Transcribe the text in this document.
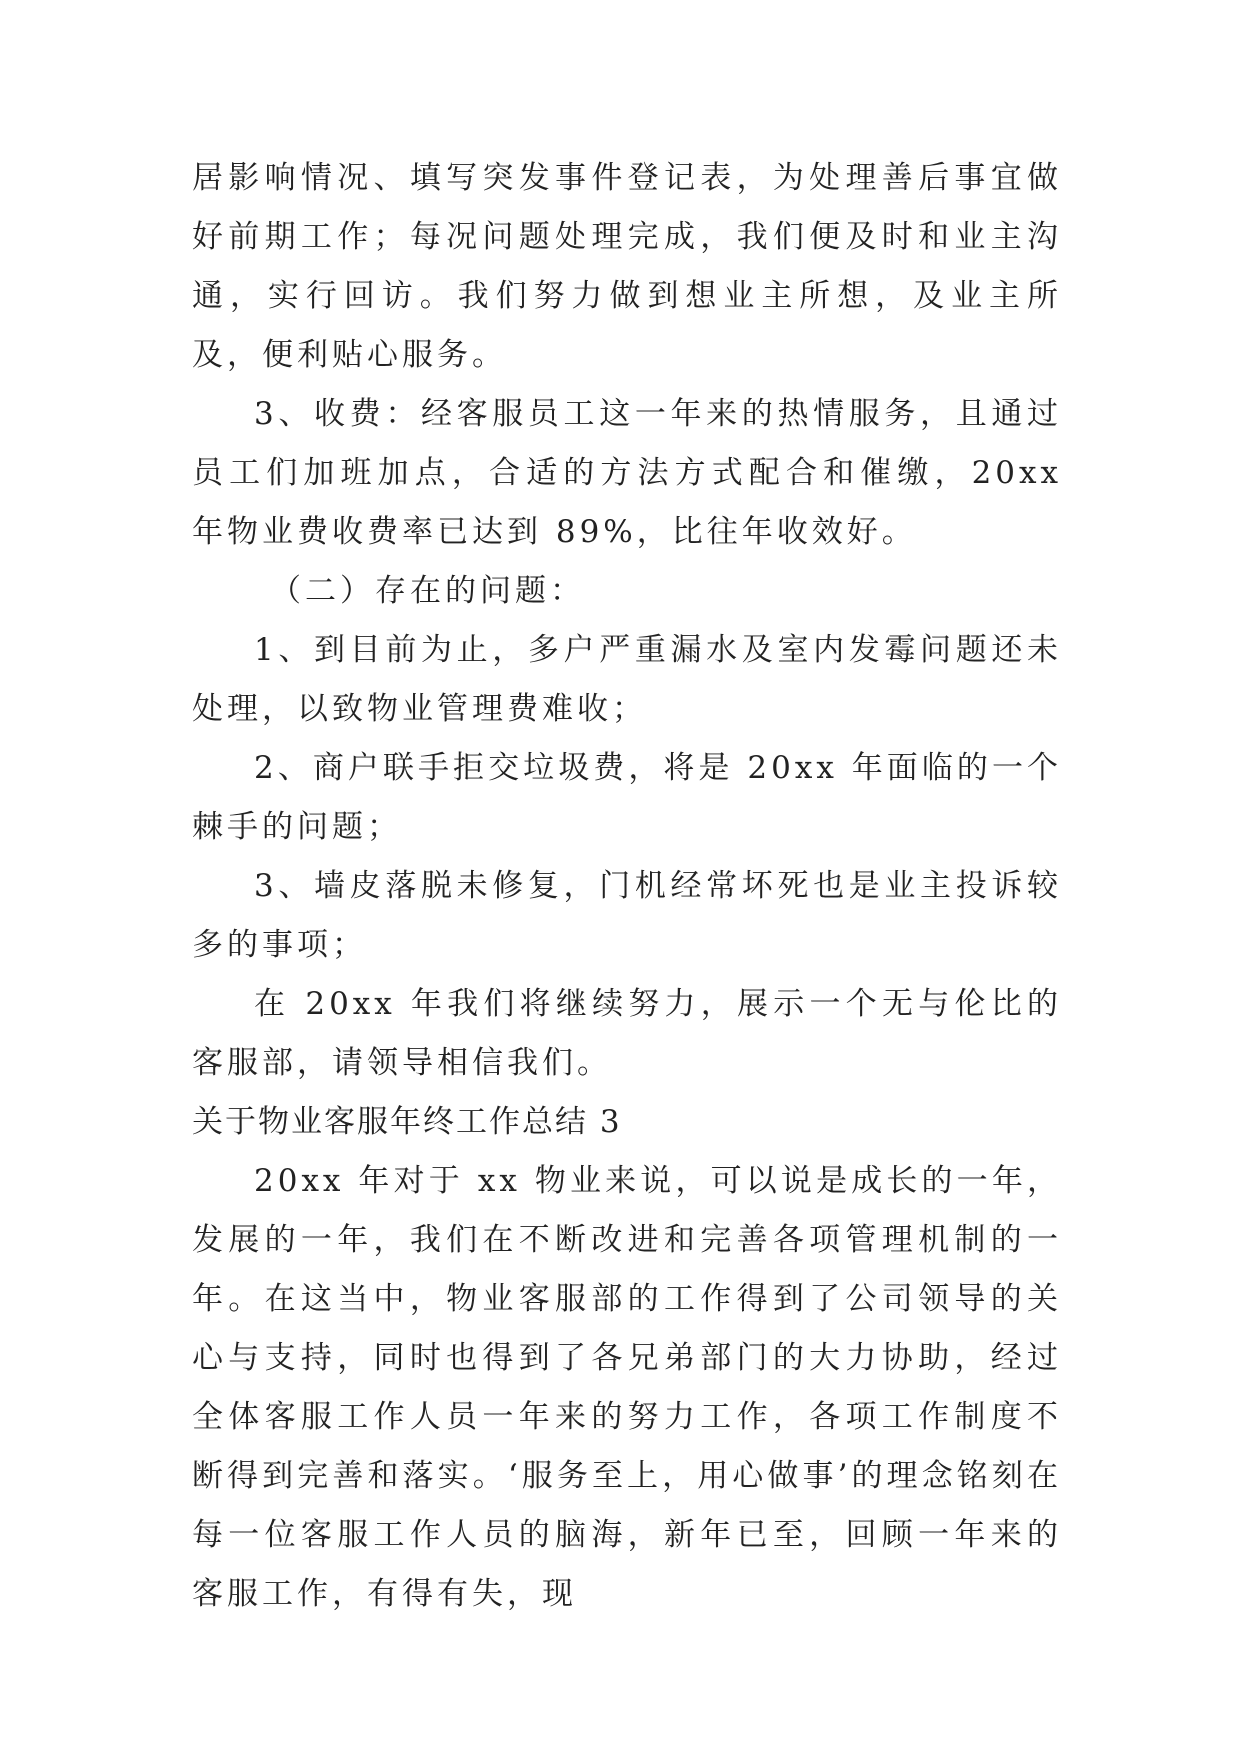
居影响情况、填写突发事件登记表，为处理善后事宜做好前期工作；每况问题处理完成，我们便及时和业主沟通，实行回访。我们努力做到想业主所想，及业主所及，便利贴心服务。

3、收费：经客服员工这一年来的热情服务，且通过员工们加班加点，合适的方法方式配合和催缴，20xx 年物业费收费率已达到 89%，比往年收效好。

（二）存在的问题：

1、到目前为止，多户严重漏水及室内发霉问题还未处理，以致物业管理费难收；

2、商户联手拒交垃圾费，将是 20xx 年面临的一个棘手的问题；

3、墙皮落脱未修复，门机经常坏死也是业主投诉较多的事项；

在 20xx 年我们将继续努力，展示一个无与伦比的客服部，请领导相信我们。

关于物业客服年终工作总结 3

20xx 年对于 xx 物业来说，可以说是成长的一年，发展的一年，我们在不断改进和完善各项管理机制的一年。在这当中，物业客服部的工作得到了公司领导的关心与支持，同时也得到了各兄弟部门的大力协助，经过全体客服工作人员一年来的努力工作，各项工作制度不断得到完善和落实。‘服务至上，用心做事’的理念铭刻在每一位客服工作人员的脑海，新年已至，回顾一年来的客服工作，有得有失，现
